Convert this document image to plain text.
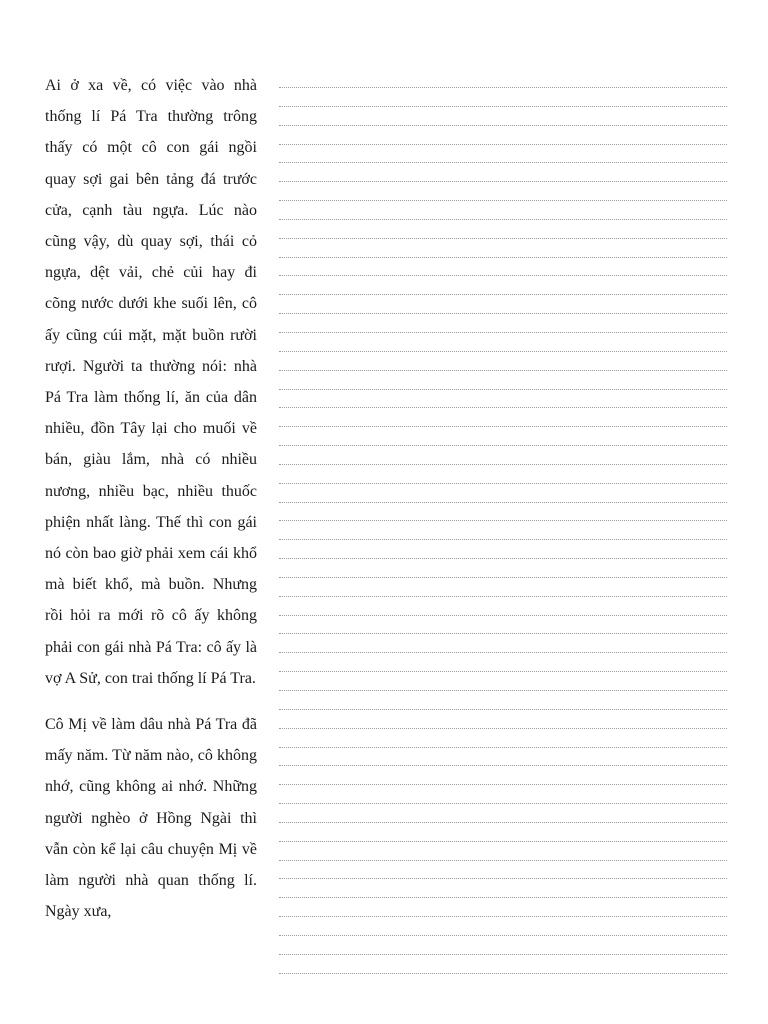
Ai ở xa về, có việc vào nhà thống lí Pá Tra thường trông thấy có một cô con gái ngồi quay sợi gai bên tảng đá trước cửa, cạnh tàu ngựa. Lúc nào cũng vậy, dù quay sợi, thái cỏ ngựa, dệt vải, chẻ củi hay đi cõng nước dưới khe suối lên, cô ấy cũng cúi mặt, mặt buồn rười rượi. Người ta thường nói: nhà Pá Tra làm thống lí, ăn của dân nhiều, đồn Tây lại cho muối về bán, giàu lắm, nhà có nhiều nương, nhiều bạc, nhiều thuốc phiện nhất làng. Thế thì con gái nó còn bao giờ phải xem cái khổ mà biết khổ, mà buồn. Nhưng rồi hỏi ra mới rõ cô ấy không phải con gái nhà Pá Tra: cô ấy là vợ A Sử, con trai thống lí Pá Tra.

Cô Mị về làm dâu nhà Pá Tra đã mấy năm. Từ năm nào, cô không nhớ, cũng không ai nhớ. Những người nghèo ở Hồng Ngài thì vẫn còn kể lại câu chuyện Mị về làm người nhà quan thống lí. Ngày xưa,
